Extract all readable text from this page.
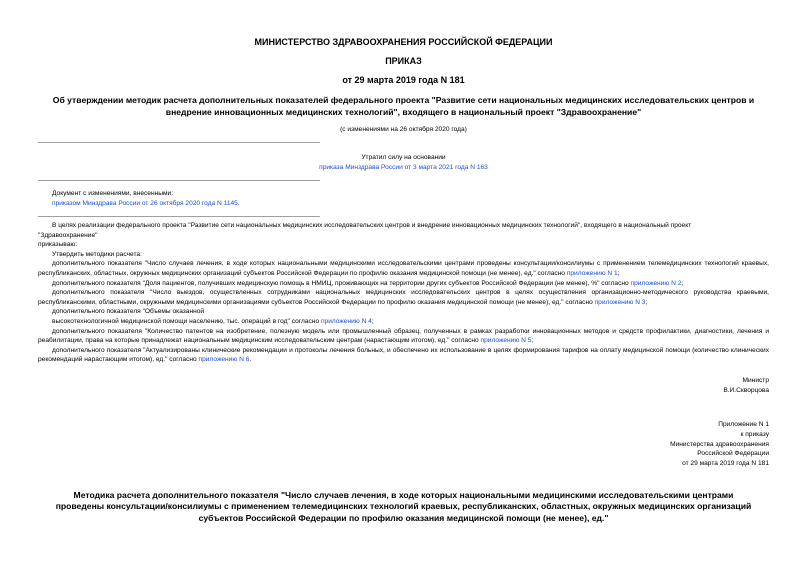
МИНИСТЕРСТВО ЗДРАВООХРАНЕНИЯ РОССИЙСКОЙ ФЕДЕРАЦИИ
ПРИКАЗ
от 29 марта 2019 года N 181
Об утверждении методик расчета дополнительных показателей федерального проекта "Развитие сети национальных медицинских исследовательских центров и
внедрение инновационных медицинских технологий", входящего в национальный проект "Здравоохранение"
(с изменениями на 26 октября 2020 года)
Утратил силу на основании
приказа Минздрава России от 3 марта 2021 года N 163
Документ с изменениями, внесенными:
приказом Минздрава России от 26 октября 2020 года N 1145.
В целях реализации федерального проекта "Развитие сети национальных медицинских исследовательских центров и внедрение инновационных медицинских технологий", входящего в национальный проект
"Здравоохранение"
приказываю:
Утвердить методики расчета:
дополнительного показателя "Число случаев лечения, в ходе которых национальными медицинскими исследовательскими центрами проведены консультации/консилиумы с применением телемедицинских технологий краевых, республиканских, областных, окружных медицинских организаций субъектов Российской Федерации по профилю оказания медицинской помощи (не менее), ед." согласно приложению N 1;
дополнительного показателя "Доля пациентов, получивших медицинскую помощь в НМИЦ, проживающих на территории других субъектов Российской Федерации (не менее), %" согласно приложению N 2;
дополнительного показателя "Число выездов, осуществленных сотрудниками национальных медицинских исследовательских центров в целях осуществления организационно-методического руководства краевыми, республиканскими, областными, окружными медицинскими организациями субъектов Российской Федерации по профилю оказания медицинской помощи (не менее), ед." согласно приложению N 3;
дополнительного показателя "Объемы оказанной
высокотехнологичной медицинской помощи населению, тыс. операций в год" согласно приложению N 4;
дополнительного показателя "Количество патентов на изобретение, полезную модель или промышленный образец, полученных в рамках разработки инновационных методов и средств профилактики, диагностики, лечения и реабилитации, права на которые принадлежат национальным медицинским исследовательским центрам (нарастающим итогом), ед." согласно приложению N 5;
дополнительного показателя "Актуализированы клинические рекомендации и протоколы лечения больных, и обеспечено их использование в целях формирования тарифов на оплату медицинской помощи (количество клинических рекомендаций нарастающим итогом), ед." согласно приложению N 6.
Министр
В.И.Скворцова
Приложение N 1
к приказу
Министерства здравоохранения
Российской Федерации
от 29 марта 2019 года N 181
Методика расчета дополнительного показателя "Число случаев лечения, в ходе которых национальными медицинскими исследовательскими центрами
проведены консультации/консилиумы с применением телемедицинских технологий краевых, республиканских, областных, окружных медицинских организаций
субъектов Российской Федерации по профилю оказания медицинской помощи (не менее), ед."
